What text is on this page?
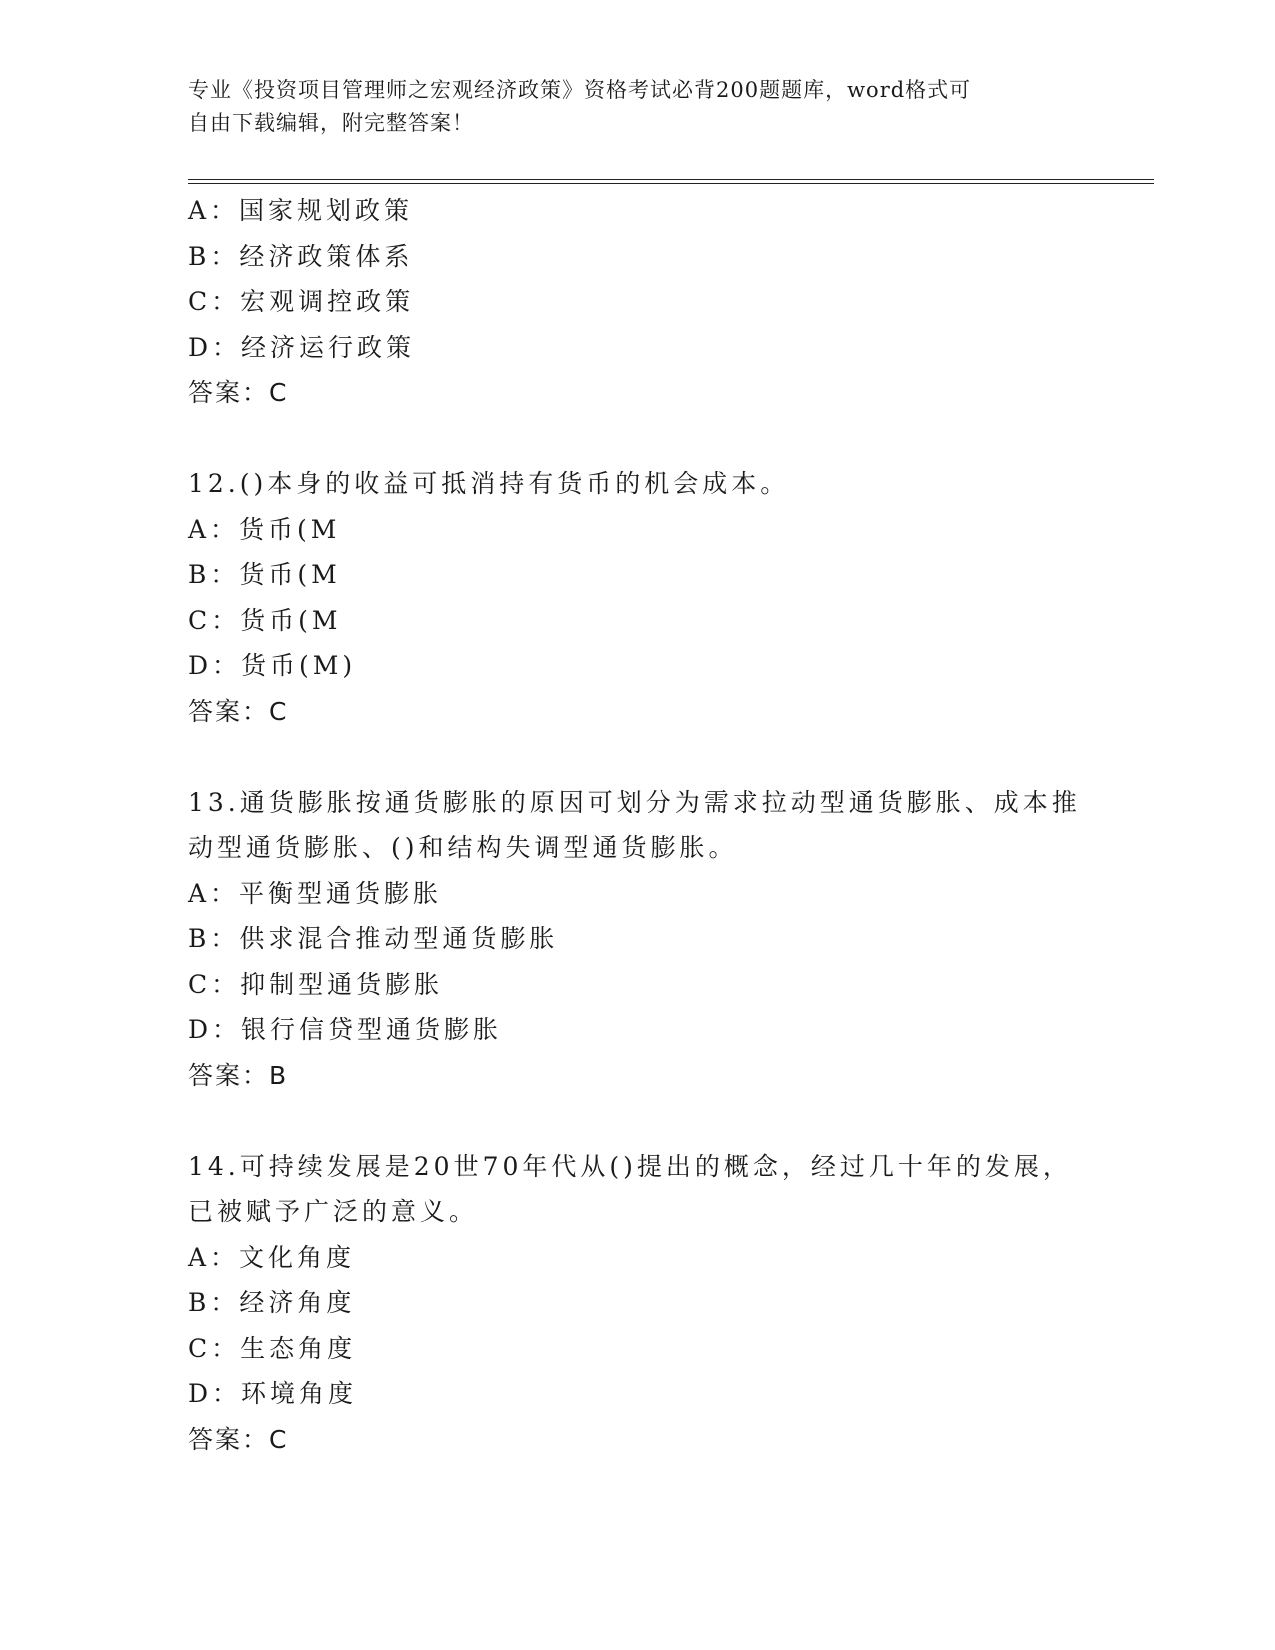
专业《投资项目管理师之宏观经济政策》资格考试必背200题题库，word格式可
自由下载编辑，附完整答案！
A：国家规划政策
B：经济政策体系
C：宏观调控政策
D：经济运行政策
答案：C
12.()本身的收益可抵消持有货币的机会成本。
A：货币(M
B：货币(M
C：货币(M
D：货币(M)
答案：C
13.通货膨胀按通货膨胀的原因可划分为需求拉动型通货膨胀、成本推
动型通货膨胀、()和结构失调型通货膨胀。
A：平衡型通货膨胀
B：供求混合推动型通货膨胀
C：抑制型通货膨胀
D：银行信贷型通货膨胀
答案：B
14.可持续发展是20世70年代从()提出的概念，经过几十年的发展，
已被赋予广泛的意义。
A：文化角度
B：经济角度
C：生态角度
D：环境角度
答案：C
